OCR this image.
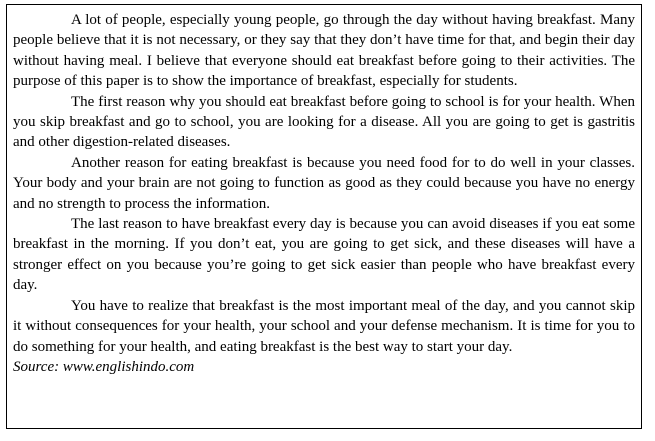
A lot of people, especially young people, go through the day without having breakfast. Many people believe that it is not necessary, or they say that they don’t have time for that, and begin their day without having meal. I believe that everyone should eat breakfast before going to their activities. The purpose of this paper is to show the importance of breakfast, especially for students.

The first reason why you should eat breakfast before going to school is for your health. When you skip breakfast and go to school, you are looking for a disease. All you are going to get is gastritis and other digestion-related diseases.

Another reason for eating breakfast is because you need food for to do well in your classes. Your body and your brain are not going to function as good as they could because you have no energy and no strength to process the information.

The last reason to have breakfast every day is because you can avoid diseases if you eat some breakfast in the morning. If you don’t eat, you are going to get sick, and these diseases will have a stronger effect on you because you’re going to get sick easier than people who have breakfast every day.

You have to realize that breakfast is the most important meal of the day, and you cannot skip it without consequences for your health, your school and your defense mechanism. It is time for you to do something for your health, and eating breakfast is the best way to start your day.

Source: www.englishindo.com
